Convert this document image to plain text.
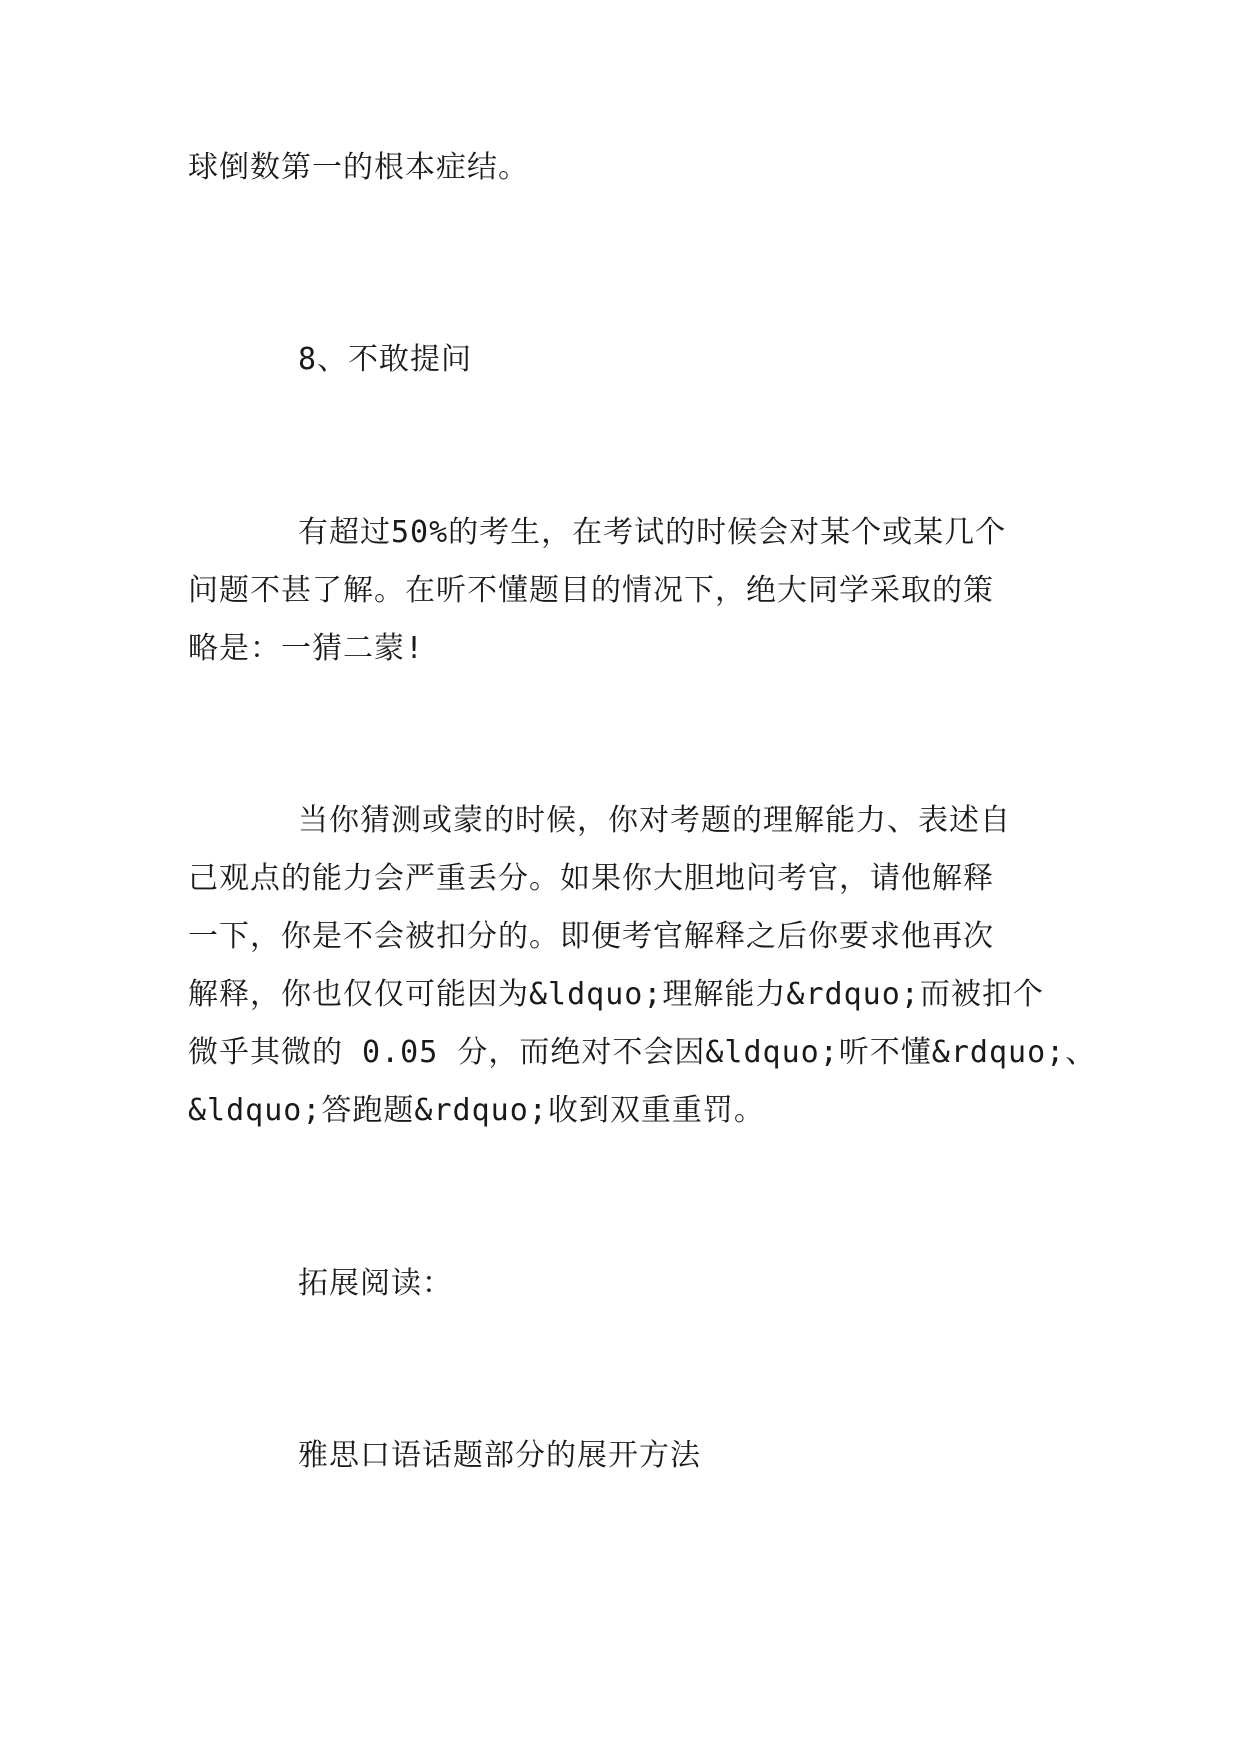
球倒数第一的根本症结。
8、不敢提问
有超过50%的考生，在考试的时候会对某个或某几个
问题不甚了解。在听不懂题目的情况下，绝大同学采取的策
略是：一猜二蒙!
当你猜测或蒙的时候，你对考题的理解能力、表述自
己观点的能力会严重丢分。如果你大胆地问考官，请他解释
一下，你是不会被扣分的。即便考官解释之后你要求他再次
解释，你也仅仅可能因为&ldquo;理解能力&rdquo;而被扣个
微乎其微的 0.05 分，而绝对不会因&ldquo;听不懂&rdquo;、
&ldquo;答跑题&rdquo;收到双重重罚。
拓展阅读：
雅思口语话题部分的展开方法
